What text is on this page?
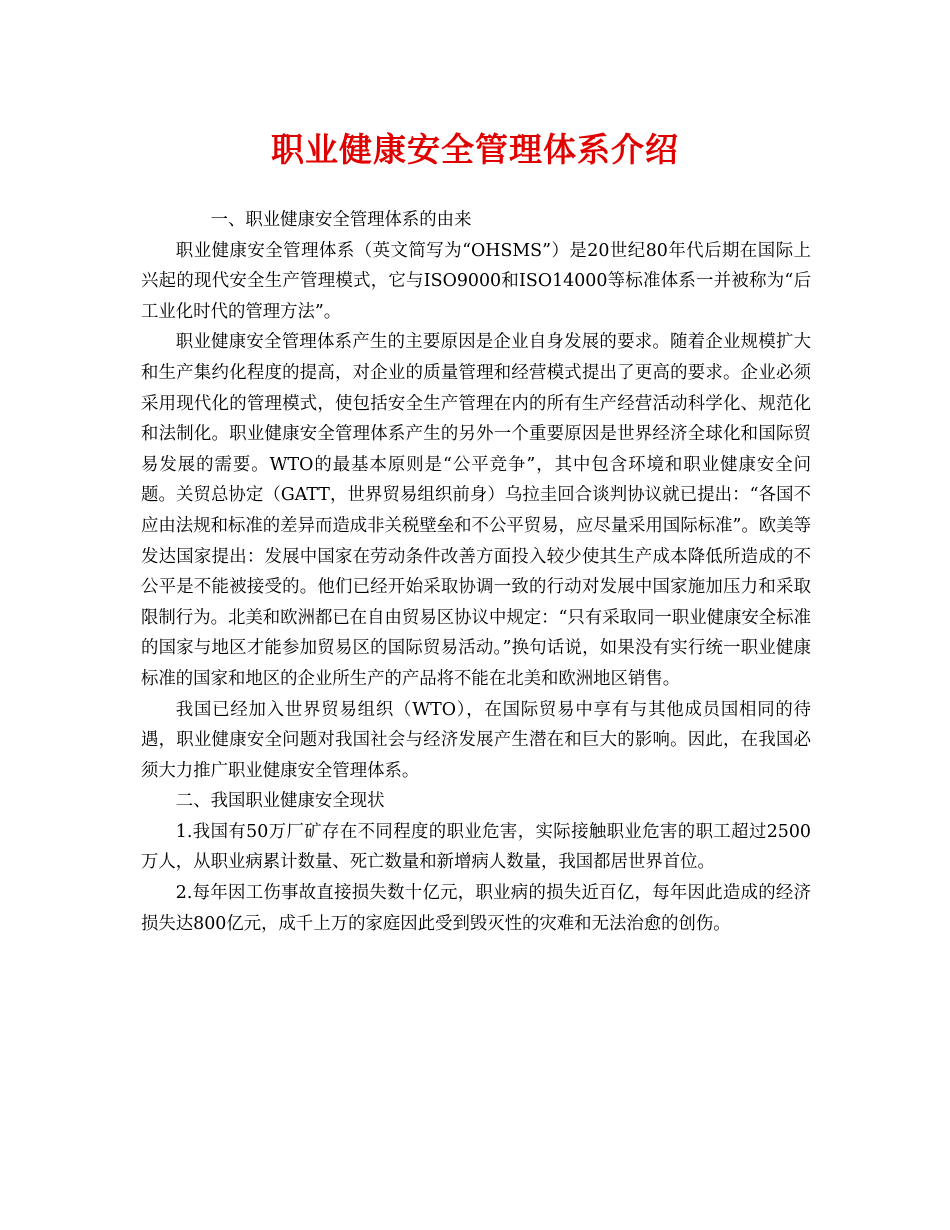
职业健康安全管理体系介绍

一、职业健康安全管理体系的由来

职业健康安全管理体系（英文简写为“OHSMS”）是20世纪80年代后期在国际上兴起的现代安全生产管理模式，它与ISO9000和ISO14000等标准体系一并被称为“后工业化时代的管理方法”。

职业健康安全管理体系产生的主要原因是企业自身发展的要求。随着企业规模扩大和生产集约化程度的提高，对企业的质量管理和经营模式提出了更高的要求。企业必须采用现代化的管理模式，使包括安全生产管理在内的所有生产经营活动科学化、规范化和法制化。职业健康安全管理体系产生的另外一个重要原因是世界经济全球化和国际贸易发展的需要。WTO的最基本原则是“公平竞争”，其中包含环境和职业健康安全问题。关贸总协定（GATT，世界贸易组织前身）乌拉圭回合谈判协议就已提出：“各国不应由法规和标准的差异而造成非关税壁垒和不公平贸易，应尽量采用国际标准”。欧美等发达国家提出：发展中国家在劳动条件改善方面投入较少使其生产成本降低所造成的不公平是不能被接受的。他们已经开始采取协调一致的行动对发展中国家施加压力和采取限制行为。北美和欧洲都已在自由贸易区协议中规定：“只有采取同一职业健康安全标准的国家与地区才能参加贸易区的国际贸易活动。”换句话说，如果没有实行统一职业健康标准的国家和地区的企业所生产的产品将不能在北美和欧洲地区销售。

我国已经加入世界贸易组织（WTO），在国际贸易中享有与其他成员国相同的待遇，职业健康安全问题对我国社会与经济发展产生潜在和巨大的影响。因此，在我国必须大力推广职业健康安全管理体系。

二、我国职业健康安全现状

1.我国有50万厂矿存在不同程度的职业危害，实际接触职业危害的职工超过2500万人，从职业病累计数量、死亡数量和新增病人数量，我国都居世界首位。

2.每年因工伤事故直接损失数十亿元，职业病的损失近百亿，每年因此造成的经济损失达800亿元，成千上万的家庭因此受到毁灭性的灾难和无法治愈的创伤。
